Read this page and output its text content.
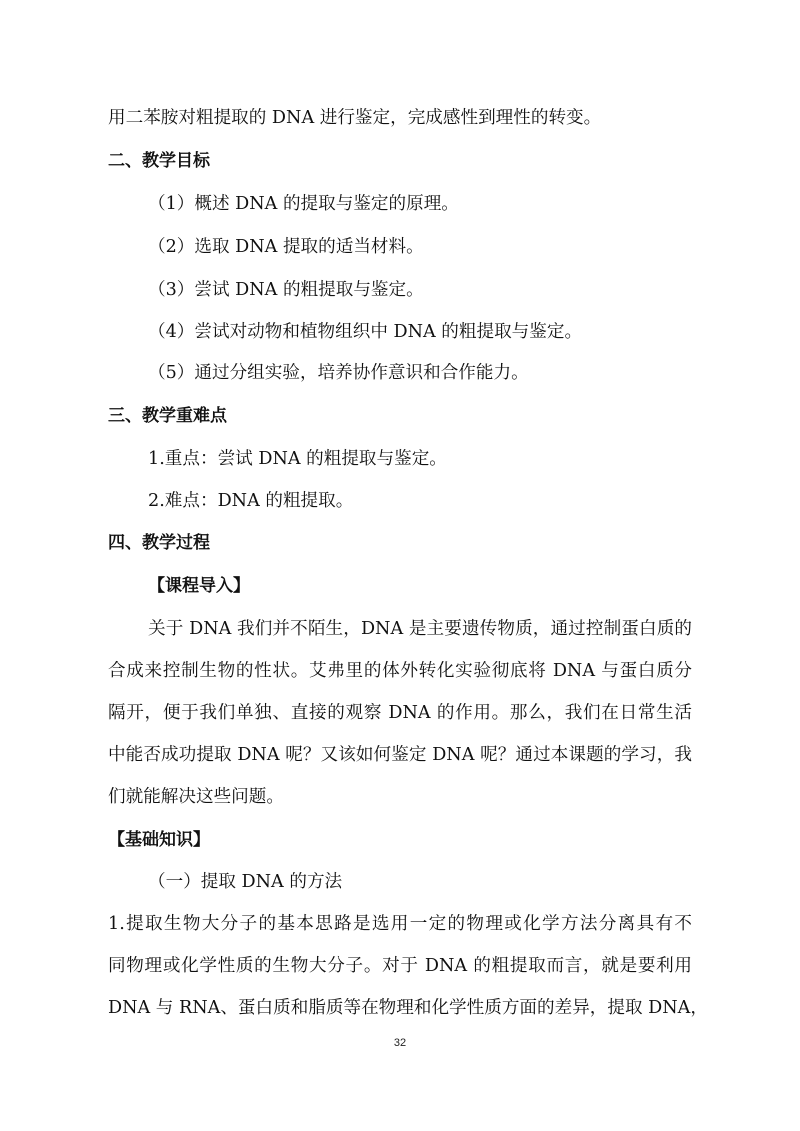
用二苯胺对粗提取的 DNA 进行鉴定，完成感性到理性的转变。
二、教学目标
（1）概述 DNA 的提取与鉴定的原理。
（2）选取 DNA 提取的适当材料。
（3）尝试 DNA 的粗提取与鉴定。
（4）尝试对动物和植物组织中 DNA 的粗提取与鉴定。
（5）通过分组实验，培养协作意识和合作能力。
三、教学重难点
1.重点：尝试 DNA 的粗提取与鉴定。
2.难点：DNA 的粗提取。
四、教学过程
【课程导入】
关于 DNA 我们并不陌生，DNA 是主要遗传物质，通过控制蛋白质的
合成来控制生物的性状。艾弗里的体外转化实验彻底将 DNA 与蛋白质分
隔开，便于我们单独、直接的观察 DNA 的作用。那么，我们在日常生活
中能否成功提取 DNA 呢？又该如何鉴定 DNA 呢？通过本课题的学习，我
们就能解决这些问题。
【基础知识】
（一）提取 DNA 的方法
1.提取生物大分子的基本思路是选用一定的物理或化学方法分离具有不
同物理或化学性质的生物大分子。对于 DNA 的粗提取而言，就是要利用
DNA 与 RNA、蛋白质和脂质等在物理和化学性质方面的差异，提取 DNA，
32
